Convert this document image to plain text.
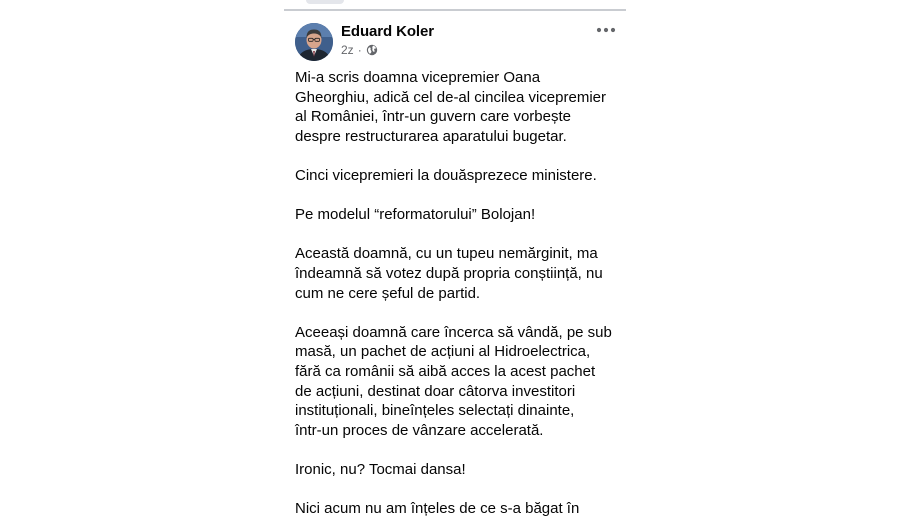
Eduard Koler
2z ·

Mi-a scris doamna vicepremier Oana
Gheorghiu, adică cel de-al cincilea vicepremier
al României, într-un guvern care vorbește
despre restructurarea aparatului bugetar.

Cinci vicepremieri la douăsprezece ministere.

Pe modelul “reformatorului” Bolojan!

Această doamnă, cu un tupeu nemărginit, ma
îndeamnă să votez după propria conștiință, nu
cum ne cere șeful de partid.

Aceeași doamnă care încerca să vândă, pe sub
masă, un pachet de acțiuni al Hidroelectrica,
fără ca românii să aibă acces la acest pachet
de acțiuni, destinat doar câtorva investitori
instituționali, bineînțeles selectați dinainte,
într-un proces de vânzare accelerată.

Ironic, nu? Tocmai dansa!

Nici acum nu am înțeles de ce s-a băgat în
